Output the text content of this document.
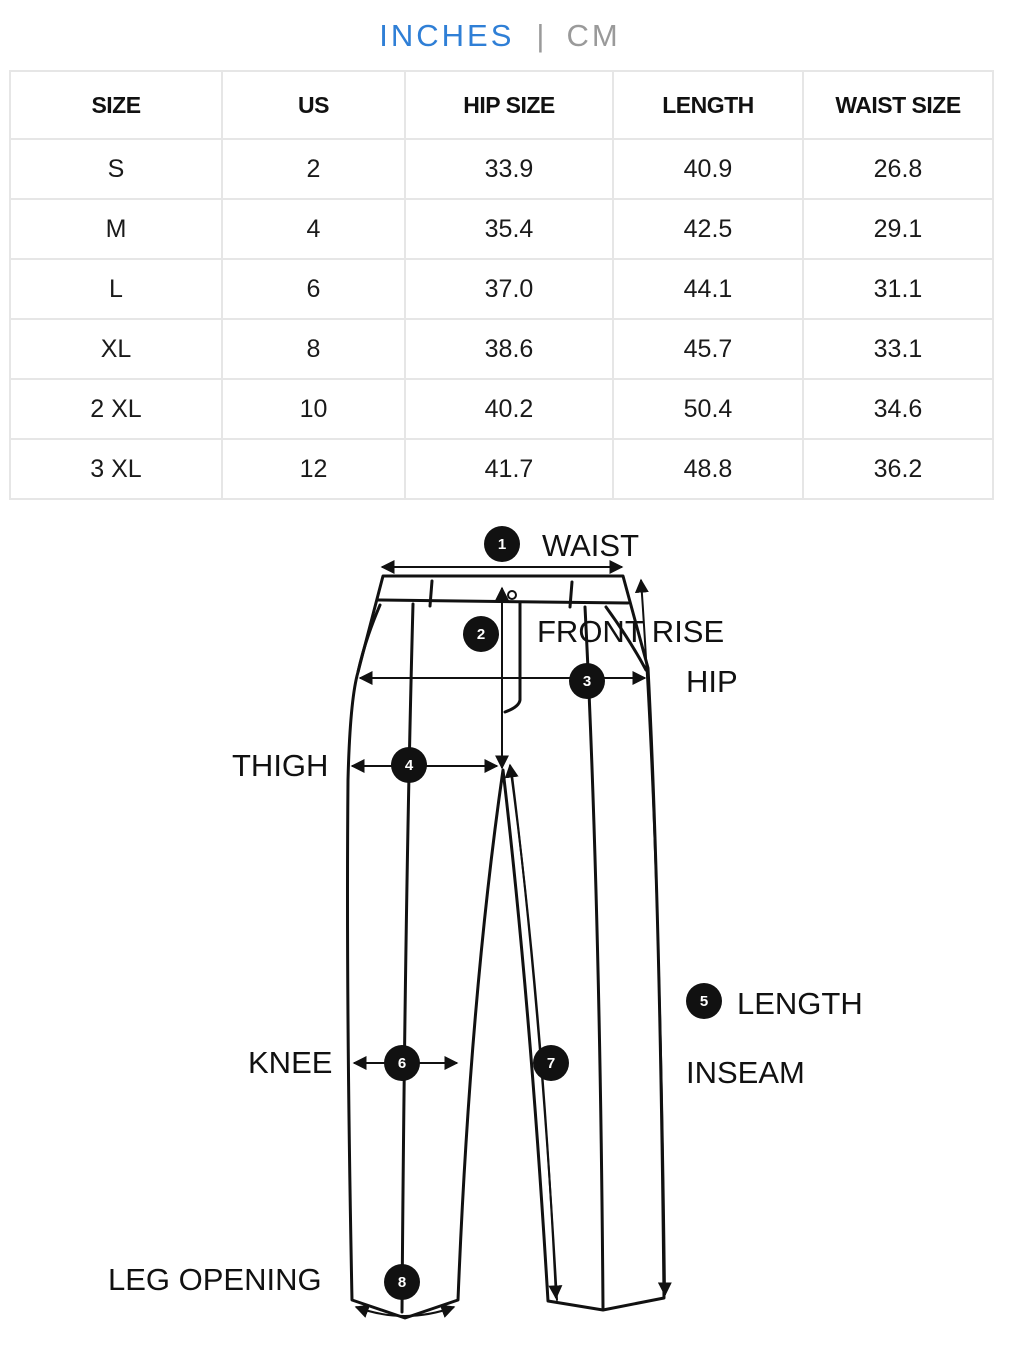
INCHES | CM
SIZE	US	HIP SIZE	LENGTH	WAIST SIZE
S	2	33.9	40.9	26.8
M	4	35.4	42.5	29.1
L	6	37.0	44.1	31.1
XL	8	38.6	45.7	33.1
2 XL	10	40.2	50.4	34.6
3 XL	12	41.7	48.8	36.2
1
2
3
4
5
6	7
8
WAIST
FRONT RISE
HIP
THIGH
LENGTH
INSEAM
KNEE
LEG OPENING
